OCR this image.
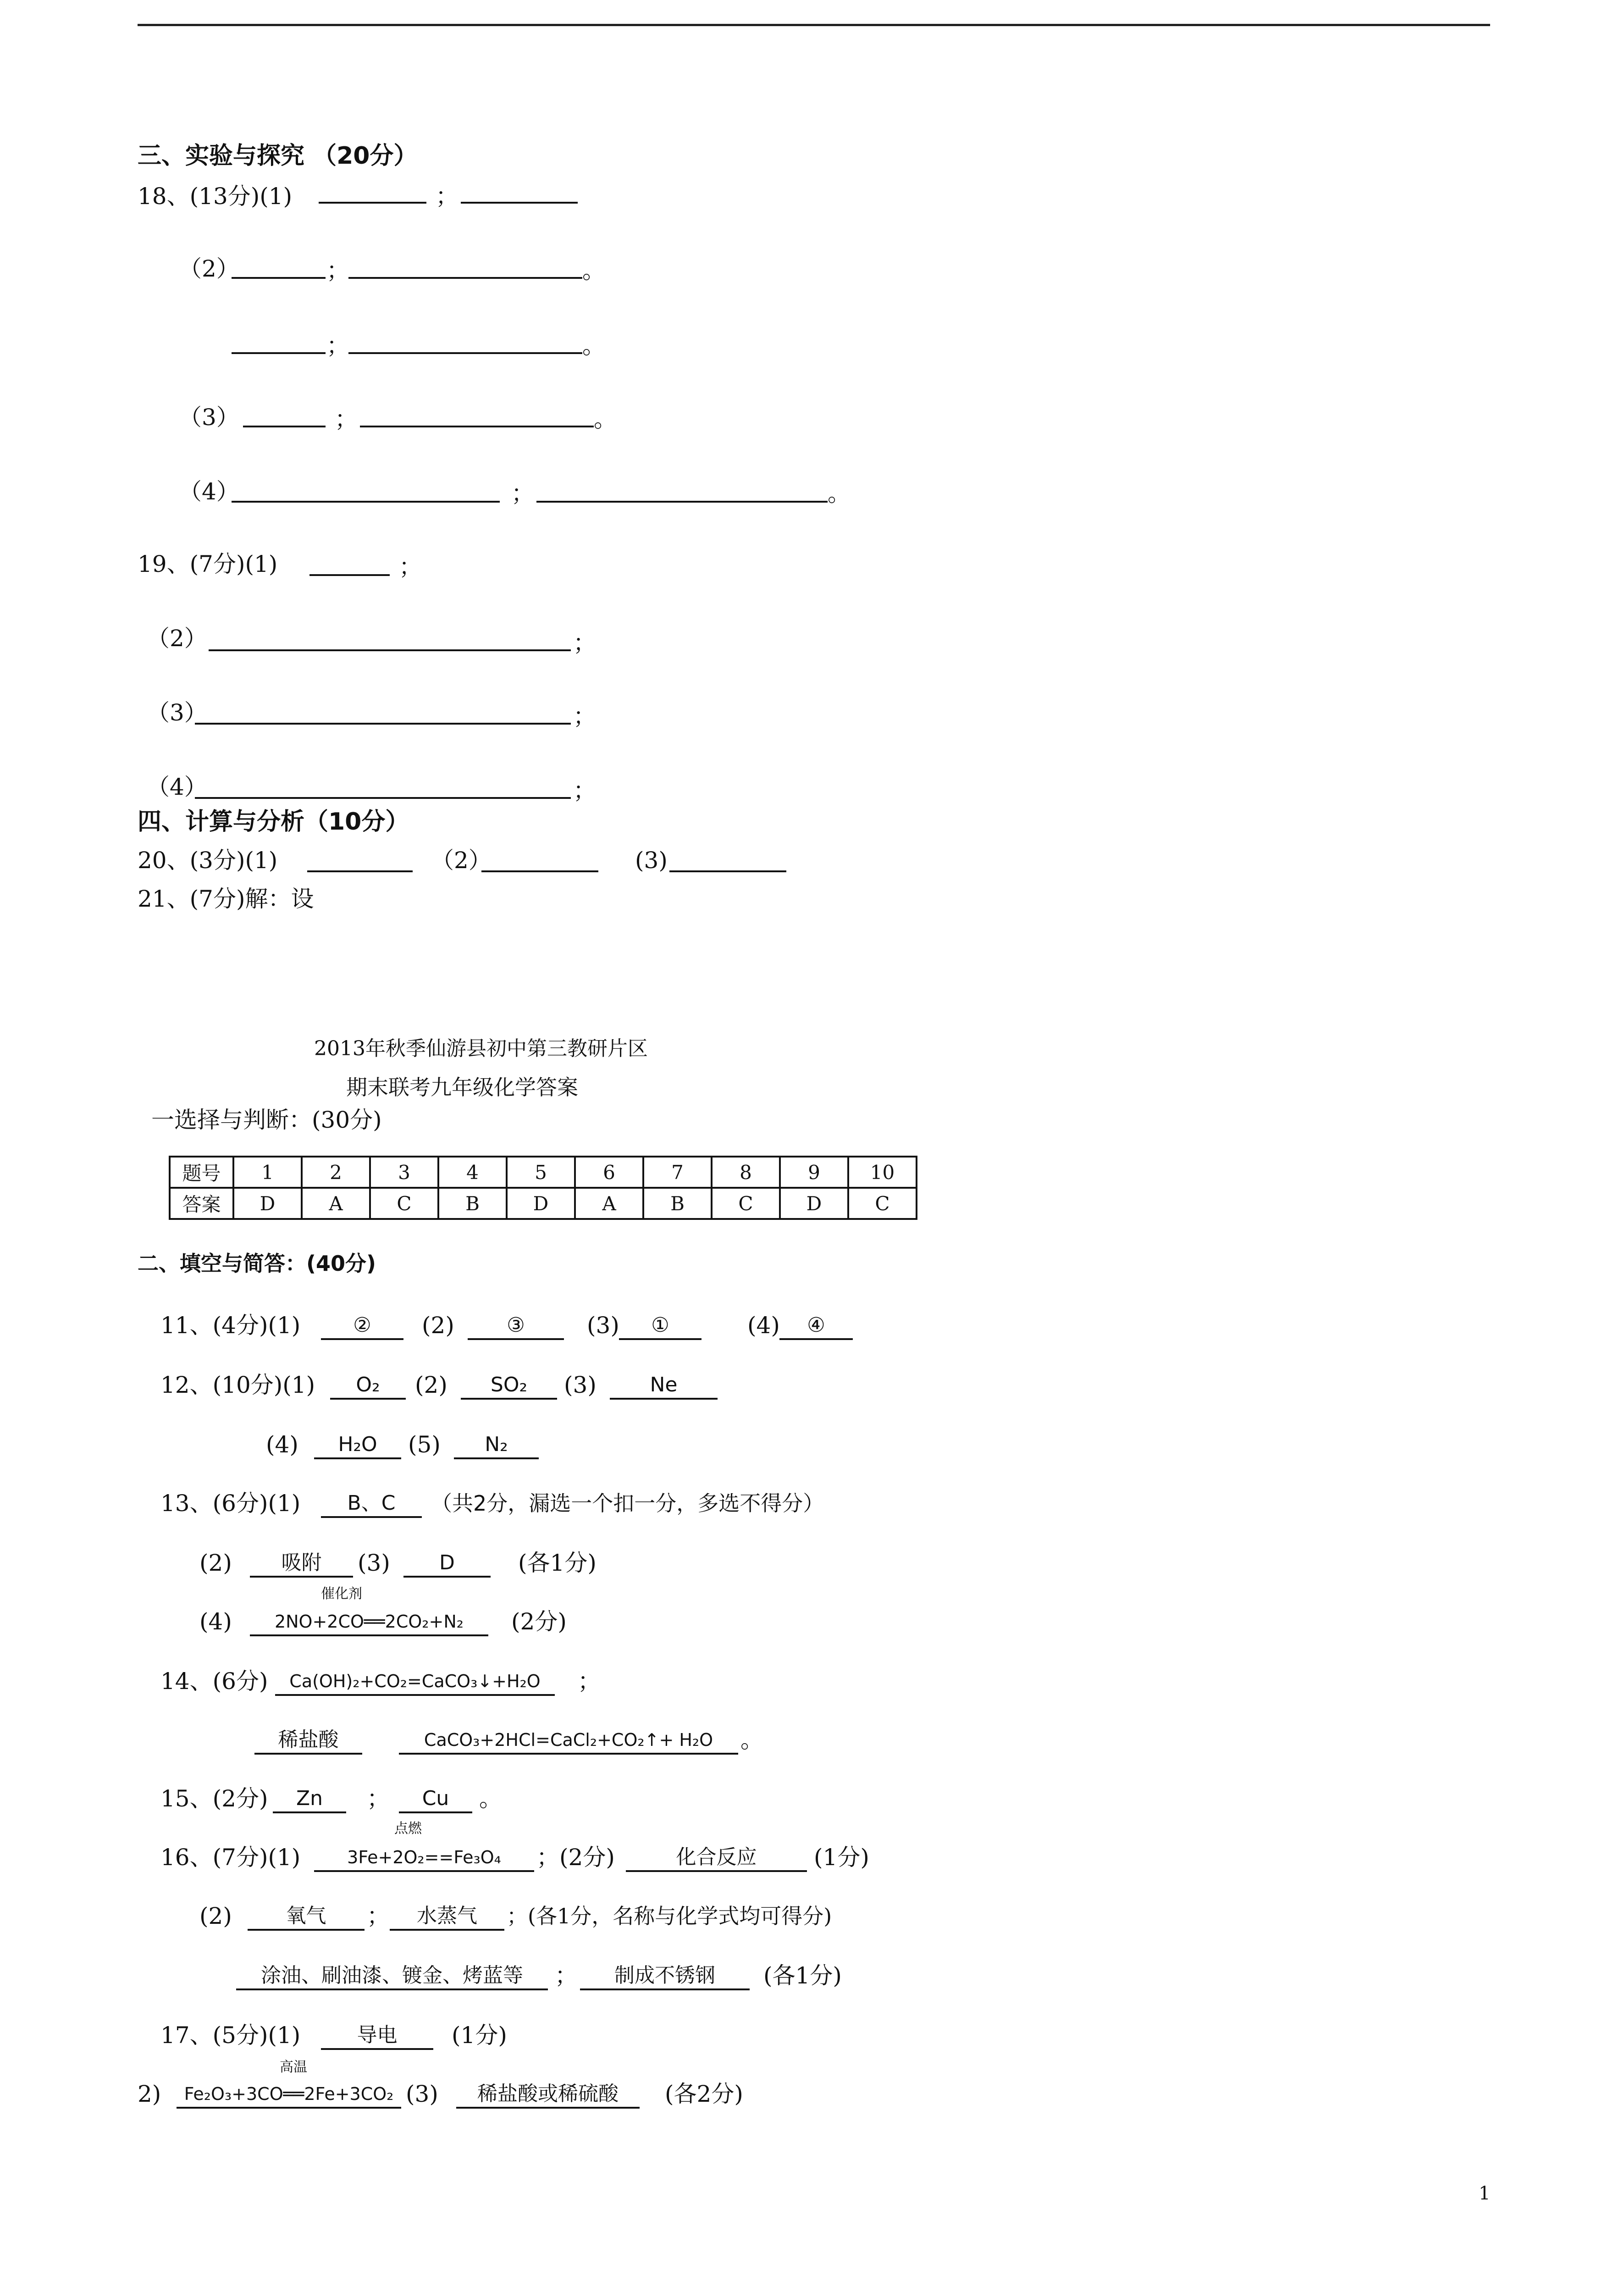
三、实验与探究 （20分）
18、(13分)(1)	；
（2）	；	。
；	。
（3）	；	。
（4）	；	。
19、(7分)(1)	；
（2）	；
（3）	；
（4）	；
四、计算与分析（10分）
20、(3分)(1)	（2）	(3)
21、(7分)解：设
2013年秋季仙游县初中第三教研片区
期末联考九年级化学答案
一选择与判断：(30分)
题号	1	2	3	4	5	6	7	8	9	10
答案	D	A	C	B	D	A	B	C	D	C
二、填空与简答：(40分)
11、(4分)(1)	②	(2)	③	(3)	①	(4)	④
12、(10分)(1)	O₂	(2)	SO₂	(3)	Ne
(4)	H₂O	(5)	N₂
13、(6分)(1)	B、C	（共2分，漏选一个扣一分，多选不得分）
(2)	吸附	(3)	D	(各1分)
催化剂
(4)	2NO+2CO══2CO₂+N₂	(2分)
14、(6分)	Ca(OH)₂+CO₂=CaCO₃↓+H₂O	；
稀盐酸	CaCO₃+2HCl=CaCl₂+CO₂↑+ H₂O	。
15、(2分)	Zn	；	Cu	。
点燃
16、(7分)(1)	3Fe+2O₂==Fe₃O₄	；(2分)	化合反应	(1分)
(2)	氧气	；	水蒸气	；(各1分，名称与化学式均可得分)
涂油、刷油漆、镀金、烤蓝等	；	制成不锈钢	(各1分)
17、(5分)(1)	导电	(1分)
高温
2)	Fe₂O₃+3CO══2Fe+3CO₂ (3)	稀盐酸或稀硫酸	(各2分)
1
